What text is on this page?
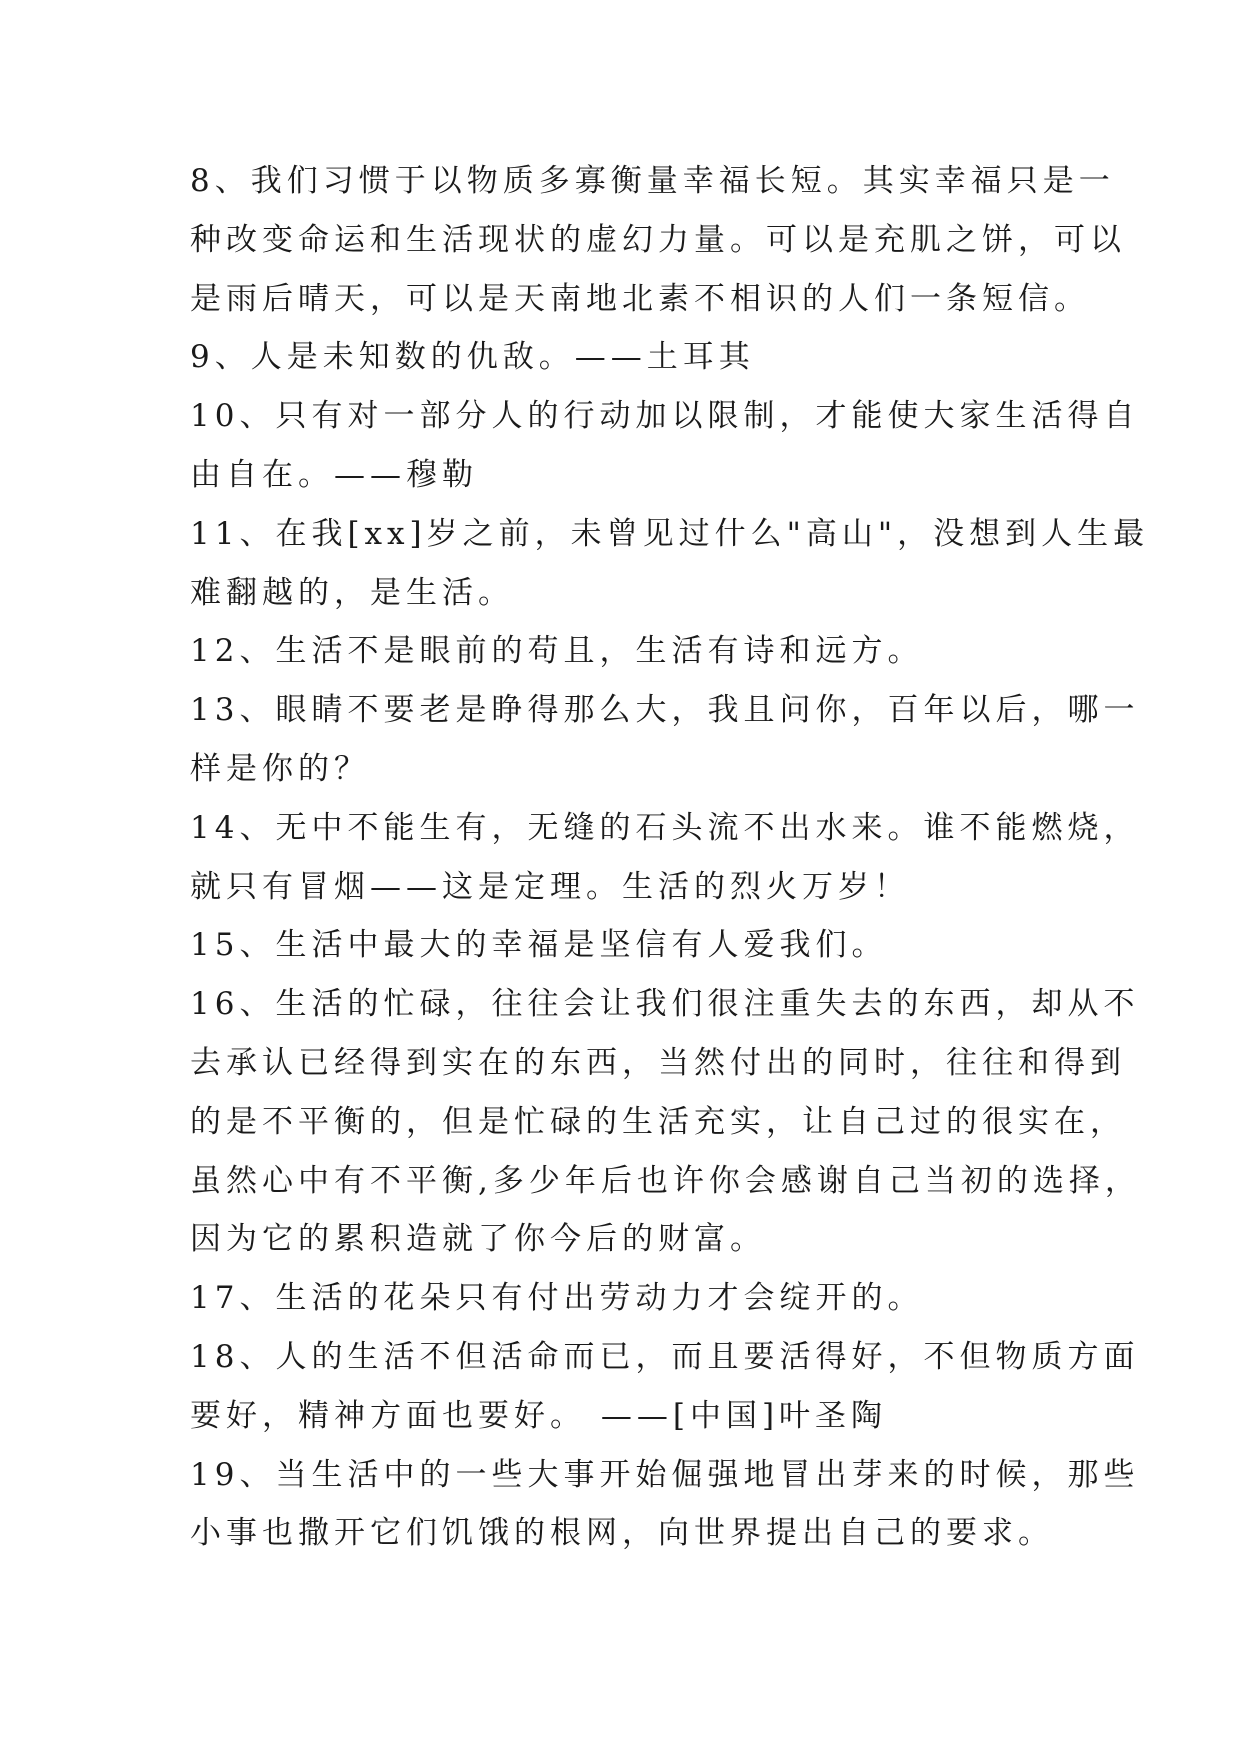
8、我们习惯于以物质多寡衡量幸福长短。其实幸福只是一
种改变命运和生活现状的虚幻力量。可以是充肌之饼，可以
是雨后晴天，可以是天南地北素不相识的人们一条短信。
9、人是未知数的仇敌。——土耳其
10、只有对一部分人的行动加以限制，才能使大家生活得自
由自在。——穆勒
11、在我[xx]岁之前，未曾见过什么"高山"，没想到人生最
难翻越的，是生活。
12、生活不是眼前的苟且，生活有诗和远方。
13、眼睛不要老是睁得那么大，我且问你，百年以后，哪一
样是你的？
14、无中不能生有，无缝的石头流不出水来。谁不能燃烧，
就只有冒烟——这是定理。生活的烈火万岁！
15、生活中最大的幸福是坚信有人爱我们。
16、生活的忙碌，往往会让我们很注重失去的东西，却从不
去承认已经得到实在的东西，当然付出的同时，往往和得到
的是不平衡的，但是忙碌的生活充实，让自己过的很实在，
虽然心中有不平衡,多少年后也许你会感谢自己当初的选择，
因为它的累积造就了你今后的财富。
17、生活的花朵只有付出劳动力才会绽开的。
18、人的生活不但活命而已，而且要活得好，不但物质方面
要好，精神方面也要好。 ——[中国]叶圣陶
19、当生活中的一些大事开始倔强地冒出芽来的时候，那些
小事也撒开它们饥饿的根网，向世界提出自己的要求。
